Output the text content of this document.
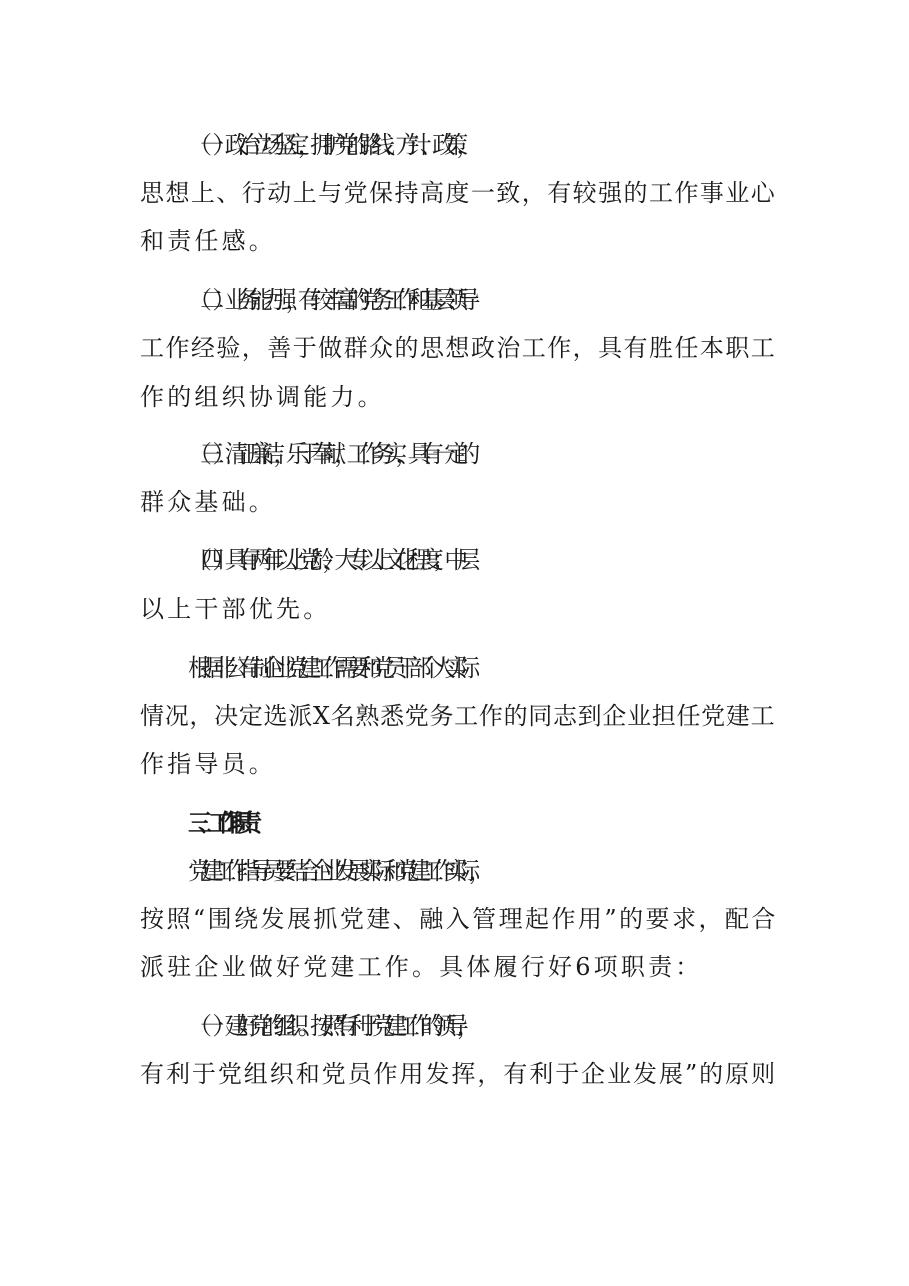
（一）政治立场坚定，拥护党的路线、方针、政策，
思想上、行动上与党保持高度一致，有较强的工作事业心
和责任感。
（二）业务能力强，有较丰富的党务工作和基层领导
工作经验，善于做群众的思想政治工作，具有胜任本职工
作的组织协调能力。
（三）清正廉洁，乐于奉献，工作务实，具有一定的
群众基础。
（四）具有两年以上党龄，大专以上文化程度；中层
以上干部优先。
根据非公有制企业党建工作需要和党员干部个人实际
情况，决定选派X名熟悉党务工作的同志到企业担任党建工
作指导员。
三、工作职责
党建工作指导员要结合企业发展实际和党建工作实际，
按照“围绕发展抓党建、融入管理起作用”的要求，配合
派驻企业做好党建工作。具体履行好6项职责：
（一）建好党的组织。按照“有利于党建工作的领导，
有利于党组织和党员作用发挥，有利于企业发展”的原则
